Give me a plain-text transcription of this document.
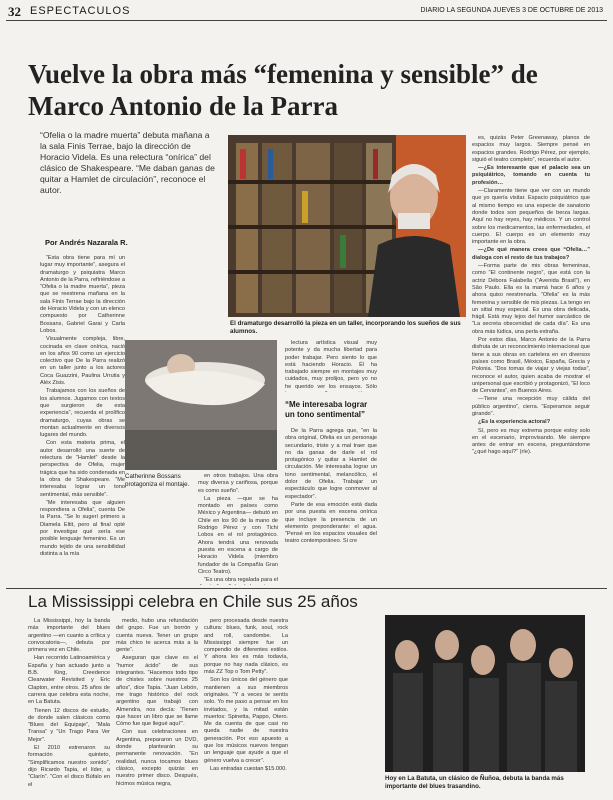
32 ESPECTACULOS	DIARIO LA SEGUNDA JUEVES 3 DE OCTUBRE DE 2013
Vuelve la obra más “femenina y sensible” de Marco Antonio de la Parra
“Ofelia o la madre muerta” debuta mañana a la sala Finis Terrae, bajo la dirección de Horacio Videla. Es una relectura “onírica” del clásico de Shakespeare. “Me daban ganas de quitar a Hamlet de circulación”, reconoce el autor.
Por Andrés Nazarala R.
El dramaturgo desarrolló la pieza en un taller, incorporando los sueños de sus alumnos.
Catherinne Bossans protagoniza el montaje.

“Esta obra tiene para mí un lugar muy importante”, asegura el dramaturgo y psiquiatra Marco Antonio de la Parra, refiriéndose a “Ofelia o la madre muerta”, pieza que se reestrena mañana en la sala Finis Terrae bajo la dirección de Horacio Videla y con un elenco compuesto por Catherinne Bossans, Gabriel Garai y Carla Lobos.

Visualmente compleja, libre, cocinada en clave onírica, nació en los años 90 como un ejercicio colectivo que De la Parra realizó en un taller junto a los actores Coca Guazzini, Paulina Urrutia y Aléx Zisis.

Trabajamos con los sueños de los alumnos. Jugamos con textos que surgieron de esta experiencia”, recuerda el prolífico dramaturgo, cuyas obras se montan actualmente en diversos lugares del mundo.

Con esta materia prima, el autor desarrolló una suerte de relectura de “Hamlet” desde la perspectiva de Ofelia, mujer trágica que ha sido condenada en la obra de Shakespeare. “Me interesaba lograr un tono sentimental, más sensible”.

“Me interesaba que alguien respondiera a Ofelia”, cuenta De la Parra. “Se lo sugerí primero a Diamela Eltit, pero al final opté por investigar qué sería ese posible lenguaje femenino. Es un mundo tejido de una sensibilidad distinta a la mía

en otros trabajos. Una obra muy diversa y cariñosa, porque es como sueño”.

La pieza —que se ha montado en países como México y Argentina— debutó en Chile en los 90 de la mano de Rodrigo Pérez y con Tichi Lobos en el rol protagónico. Ahora tendrá una renovada puesta en escena a cargo de Horacio Videla (miembro fundador de la Compañía Gran Circo Teatro).

“Es una obra regalada para el

lectura artística visual muy potente y da mucha libertad para poder trabajar. Pero siento lo que está haciendo Horacio. Él ha trabajado siempre en montajes muy cuidados, muy prolijos, pero yo no he querido ver los ensayos. Sólo

“Me interesaba lograr un tono sentimental”

De la Parra agrega que, “en la obra original, Ofelia es un personaje secundario, triste y a mal traer que no da ganas de darle el rol protagónico y quitar a Hamlet de circulación. Me interesaba lograr un tono sentimental, melancólico, el dolor de Ofelia. Trabajar un espectáculo que logre conmover al espectador”.

Parte de esa emoción está dada por una puesta en escena onírica que incluye la presencia de un elemento preponderante: el agua. “Pensé en los espacios visuales del teatro contemporáneo. Si cre

es, quizás Peter Greenaway, planos de espacios muy largos. Siempre pensé en espacios grandes. Rodrigo Pérez, por ejemplo, siguió el teatro completo”, recuerda el autor.

—¿Es interesante que el palacio sea un psiquiátrico, tomando en cuenta tu profesión…

—Claramente tiene que ver con un mundo que yo quería visitar. Espacio psiquiátrico que al mismo tiempo es una especie de sanatorio donde todos son pequeños de berza largas. Aquí no hay reyes, hay médicos. Y un control sobre los medicamentos, las enfermedades, el cuerpo. El cuerpo es un elemento muy importante en la obra.

—¿De qué manera crees que “Ofelia…” dialoga con el resto de tus trabajos?

—Forma parte de mis obras femeninas, como “El continente negro”, que está con la actriz Débora Falabella (“Avenida Brasil”), en São Paulo. Ella es la mamá hace 6 años y ahora quiso reestrenarla. “Ofelia” es la más femenina y sensible de mis piezas. La tengo en un sitial muy especial. Es una obra delicada, frágil. Está muy lejos del humor sarcástico de “La secreta obscenidad de cada día”. Es una obra más lúdica, una perla extraña.

Por estos días, Marco Antonio de la Parra disfruta de un reconocimiento internacional que tiene a sus obras en cartelera en en diversos países como Brasil, México, España, Grecia y Polonia. “Dos tomas de viajar y viejas todas”, reconoce el autor, quien acaba de mostrar el unipersonal que escribió y protagonizó, “El loco de Cervantes”, en Buenos Aires.

—Tiene una recepción muy cálida del público argentino”, cierra. “Esperamos seguir girando”.

¿Es la experiencia actoral?

Sí, pero es muy extrema porque estoy solo en el escenario, improvisando. Me siempre antes de entrar en escena, preguntándome “¿qué hago aquí?” (ríe).

La Mississippi celebra en Chile sus 25 años

La Mississippi, hoy la banda más importante del blues argentino —en cuanto a crítica y convocatoria—, debuta por primera vez en Chile.

Han recorrido Latinoamérica y España y han actuado junto a B.B. King, Creedence Clearwater Revisited y Eric Clapton, entre otros. 25 años de carrera que celebra esta noche, en La Batuta.

Tienen 12 discos de estudio, de donde salen clásicos como “Blues del Equipaje”, “Mala Transa” y “Un Trago Para Ver Mejor”.

El 2010 estrenaron su formación quinteto, “Simplificamos nuestro sonido”, dijo Ricardo Tapia, el líder, a “Clarín”. “Con el disco Búfalo en el

medio, hubo una refundación del grupo. Fue un borrón y cuenta nueva. Tener un grupo más chico te acerca más a la gente”.

Aseguran que clave es el “humor ácido” de sus integrantes. “Hacemos todo tipo de chistes sobre nuestros 25 años”, dice Tapia. “Juan Lebón, me trago histórico del rock argentino que trabajó con Almendra, nos decía: ‘Tienen que hacer un libro que se llame Cómo fue que llegué aquí’”.

Con sus celebraciones en Argentina, prepararon un DVD, donde plantearán su permanente renovación. “En realidad, nunca tocamos blues clásico, excepto quizás en nuestro primer disco. Después, hicimos música negra,

pero procesada desde nuestra cultura: blues, funk, soul, rock and roll, candombe. La Mississippi siempre fue un compendio de diferentes estilos. Y ahora les es más todavía, porque no hay nada clásico, es más ZZ Top o Tom Petty”.

Son los únicos del género que mantienen a sus miembros originales. “Y a veces te sentís solo. Yo me paso a pensar en los invitados, y la mitad están muertos: Spinetta, Pappo, Otero. Me da cuenta de que casi no queda nadie de nuestra generación. Por eso apuesto a que los músicos nuevos tengan un lenguaje que ayude a que el género vuelva a crecer”.

Las entradas cuestan $15.000.

Hoy en La Batuta, un clásico de Ñuñoa, debuta la banda más importante del blues trasandino.
